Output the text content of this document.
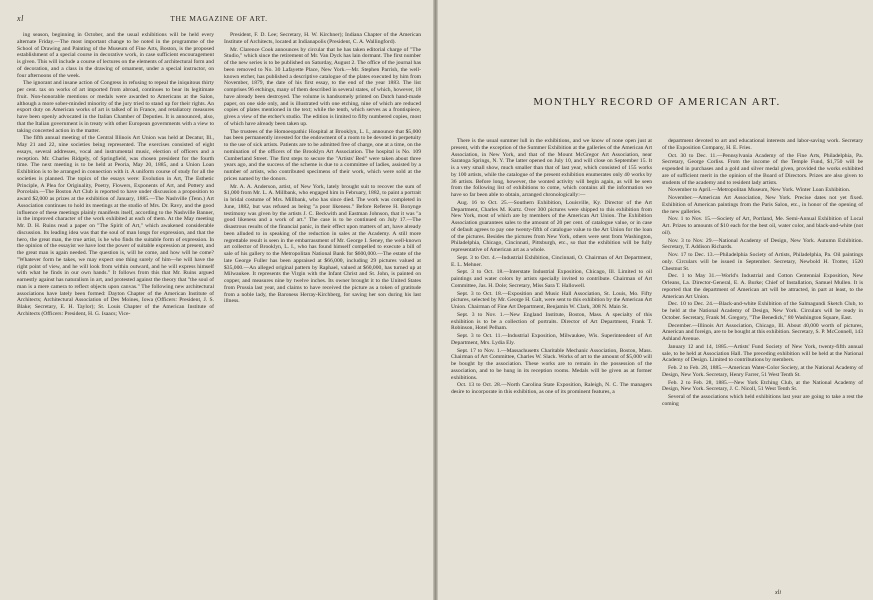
xl	THE MAGAZINE OF ART.

ing season, beginning in October, and the usual exhibitions will be held every alternate Friday.—The most important change to be noted in the programme of the School of Drawing and Painting of the Museum of Fine Arts, Boston, is the proposed establishment of a special course in decorative work, in case sufficient encouragement is given. This will include a course of lectures on the elements of architectural form and of decoration, and a class in the drawing of ornament, under a special instructor, on four afternoons of the week.

The ignorant and insane action of Congress in refusing to repeal the iniquitous thirty per cent. tax on works of art imported from abroad, continues to bear its legitimate fruit. Non-honorable mentions or medals were awarded to Americans at the Salon, although a more sober-minded minority of the jury tried to stand up for their rights. An export duty on American works of art is talked of in France, and retaliatory measures have been openly advocated in the Italian Chamber of Deputies. It is announced, also, that the Italian government is in treaty with other European governments with a view to taking concerted action in the matter.

The fifth annual meeting of the Central Illinois Art Union was held at Decatur, Ill., May 21 and 22, nine societies being represented. The exercises consisted of eight essays, several addresses, vocal and instrumental music, election of officers and a reception. Mr. Charles Ridgely, of Springfield, was chosen president for the fourth time. The next meeting is to be held at Peoria, May 20, 1885, and a Union Loan Exhibition is to be arranged in connection with it. A uniform course of study for all the societies is planned. The topics of the essays were: Evolution in Art, The Esthetic Principle, A Plea for Originality, Poetry, Flowers, Exponents of Art, and Pottery and Porcelain.—The Boston Art Club is reported to have under discussion a proposition to award $2,000 as prizes at the exhibition of January, 1885.—The Nashville (Tenn.) Art Association continues to hold its meetings at the studio of Mrs. Dr. Ravy, and the good influence of these meetings plainly manifests itself, according to the Nashville Banner, in the improved character of the work exhibited at each of them. At the May meeting Mr. D. H. Ruins read a paper on "The Spirit of Art," which awakened considerable discussion. Its leading idea was that the soul of man longs for expression, and that the hero, the great man, the true artist, is he who finds the suitable form of expression. In the opinion of the essayist we have lost the power of suitable expression at present, and the great man is again needed. The question is, will he come, and how will he come? "Whatever form he takes, we may expect one thing surely of him—he will have the right point of view, and he will look from within outward, and he will express himself with what he finds in our own hands." It follows from this that Mr. Ruins argued earnestly against has naturalism in art, and protested against the theory that "the soul of man is a mere camera to reflect objects upon canvas." The following new architectural associations have lately been formed: Dayton Chapter of the American Institute of Architects; Architectural Association of Des Moines, Iowa (Officers: President, J. S. Blake; Secretary, E. H. Taylor); St. Louis Chapter of the American Institute of Architects (Officers: President, H. G. Isaacs; Vice-

President, F. D. Lee; Secretary, H. W. Kirchner); Indiana Chapter of the American Institute of Architects, located at Indianapolis (President, C. A. Wallingford).

Mr. Clarence Cook announces by circular that he has taken editorial charge of "The Studio," which since the retirement of Mr. Van Dyck has lain dormant. The first number of the new series is to be published on Saturday, August 2. The office of the journal has been removed to No. 30 Lafayette Place, New York.—Mr. Stephen Parrish, the well-known etcher, has published a descriptive catalogue of the plates executed by him from November, 1879, the date of his first essay, to the end of the year 1883. The list comprises 96 etchings, many of them described in several states, of which, however, 18 have already been destroyed. The volume is handsomely printed on Dutch hand-made paper, on one side only, and is illustrated with one etching, nine of which are reduced copies of plates mentioned in the text; while the tenth, which serves as a frontispiece, gives a view of the etcher's studio. The edition is limited to fifty numbered copies, most of which have already been taken up.

The trustees of the Homoeopathic Hospital at Brooklyn, L. I., announce that $5,000 has been permanently invested for the endowment of a room to be devoted in perpetuity to the use of sick artists. Patients are to be admitted free of charge, one at a time, on the nomination of the officers of the Brooklyn Art Association. The hospital is No. 109 Cumberland Street. The first steps to secure the "Artists' Bed" were taken about three years ago, and the success of the scheme is due to a committee of ladies, assisted by a number of artists, who contributed specimens of their work, which were sold at the prices named by the donors.

Mr. A. A. Anderson, artist, of New York, lately brought suit to recover the sum of $1,000 from Mr. L. A. Millbank, who engaged him in February, 1882, to paint a portrait in bridal costume of Mrs. Millbank, who has since died. The work was completed in June, 1882, but was refused as being "a poor likeness." Before Referee H. Bonynge testimony was given by the artists J. C. Beckwith and Eastman Johnson, that it was "a good likeness and a work of art." The case is to be continued on July 17.—The disastrous results of the financial panic, in their effect upon matters of art, have already been alluded to in speaking of the reduction in sales at the Academy. A still more regrettable result is seen in the embarrassment of Mr. George I. Seney, the well-known art collector of Brooklyn, L. I., who has found himself compelled to execute a bill of sale of his gallery to the Metropolitan National Bank for $600,000.—The estate of the late George Fuller has been appraised at $66,000, including 29 pictures valued at $35,000.—An alleged original pattern by Raphael, valued at $60,000, has turned up at Milwaukee. It represents the Virgin with the Infant Christ and St. John, is painted on copper, and measures nine by twelve inches. Its owner brought it to the United States from Prussia last year, and claims to have received the picture as a token of gratitude from a noble lady, the Baroness Herray-Kirchberg, for saving her son during his last illness.

MONTHLY RECORD OF AMERICAN ART.

There is the usual summer lull in the exhibitions, and we know of none open just at present, with the exception of the Summer Exhibition at the galleries of the American Art Association, in New York, and that of the Mount McGregor Art Association, near Saratoga Springs, N. Y. The latter opened on July 10, and will close on September 15. It is a very small show, much smaller than that of last year, which consisted of 155 works by 100 artists, while the catalogue of the present exhibition enumerates only 40 works by 36 artists. Before long, however, the wonted activity will begin again, as will be seen from the following list of exhibitions to come, which contains all the information we have so far been able to obtain, arranged chronologically:—

Aug. 16 to Oct. 25.—Southern Exhibition, Louisville, Ky. Director of the Art Department, Charles M. Kurtz. Over 300 pictures were shipped to this exhibition from New York, most of which are by members of the American Art Union. The Exhibition Association guarantees sales to the amount of 20 per cent. of catalogue value, or in case of default agrees to pay one twenty-fifth of catalogue value to the Art Union for the loan of the pictures. Besides the pictures from New York, others were sent from Washington, Philadelphia, Chicago, Cincinnati, Pittsburgh, etc., so that the exhibition will be fully representative of American art as a whole.

Sept. 3 to Oct. 4.—Industrial Exhibition, Cincinnati, O. Chairman of Art Department, E. L. Mehner.

Sept. 3 to Oct. 18.—Interstate Industrial Exposition, Chicago, Ill. Limited to oil paintings and water colors by artists specially invited to contribute. Chairman of Art Committee, Jas. H. Dole; Secretary, Miss Sara T. Hallowell.

Sept. 3 to Oct. 18.—Exposition and Music Hall Association, St. Louis, Mo. Fifty pictures, selected by Mr. George H. Galt, were sent to this exhibition by the American Art Union. Chairman of Fine Art Department, Benjamin W. Clark, 308 N. Main St.

Sept. 3 to Nov. 1.—New England Institute, Boston, Mass. A specialty of this exhibition is to be a collection of portraits. Director of Art Department, Frank T. Robinson, Hotel Pelham.

Sept. 3 to Oct. 11.—Industrial Exposition, Milwaukee, Wis. Superintendent of Art Department, Mrs. Lydia Ely.

Sept. 17 to Nov. 1.—Massachusetts Charitable Mechanic Association, Boston, Mass. Chairman of Art Committee, Charles W. Slack. Works of art to the amount of $5,000 will be bought by the association. These works are to remain in the possession of the association, and to be hung in its reception rooms. Medals will be given as at former exhibitions.

Oct. 13 to Oct. 28.—North Carolina State Exposition, Raleigh, N. C. The managers desire to incorporate in this exhibition, as one of its prominent features, a

department devoted to art and educational interests and labor-saving work. Secretary of the Exposition Company, H. E. Fries.

Oct. 30 to Dec. 11.—Pennsylvania Academy of the Fine Arts, Philadelphia, Pa. Secretary, George Corliss. From the income of the Temple Fund, $1,750 will be expended in purchases and a gold and silver medal given, provided the works exhibited are of sufficient merit in the opinion of the Board of Directors. Prizes are also given to students of the academy and to resident lady artists.

November to April.—Metropolitan Museum, New York. Winter Loan Exhibition.

November.—American Art Association, New York. Precise dates not yet fixed. Exhibition of American paintings from the Paris Salon, etc., in honor of the opening of the new galleries.

Nov. 1 to Nov. 15.—Society of Art, Portland, Me. Semi-Annual Exhibition of Local Art. Prizes to amounts of $10 each for the best oil, water color, and black-and-white (not oil).

Nov. 3 to Nov. 29.—National Academy of Design, New York. Autumn Exhibition. Secretary, T. Addison Richards.

Nov. 17 to Dec. 13.—Philadelphia Society of Artists, Philadelphia, Pa. Oil paintings only. Circulars will be issued in September. Secretary, Newbold H. Trotter, 1520 Chestnut St.

Dec. 1 to May 31.—World's Industrial and Cotton Centennial Exposition, New Orleans, La. Director-General, E. A. Burke; Chief of Installation, Samuel Mullen. It is reported that the department of American art will be attracted, in part at least, to the American Art Union.

Dec. 10 to Dec. 24.—Black-and-white Exhibition of the Salmagundi Sketch Club, to be held at the National Academy of Design, New York. Circulars will be ready in October. Secretary, Frank M. Gregory, "The Benedick," 80 Washington Square, East.

December.—Illinois Art Association, Chicago, Ill. About 40,000 worth of pictures, American and foreign, are to be bought at this exhibition. Secretary, S. P. McConnell, 143 Ashland Avenue.

January 12 and 14, 1885.—Artists' Fund Society of New York, twenty-fifth annual sale, to be held at Association Hall. The preceding exhibition will be held at the National Academy of Design. Limited to contributions by members.

Feb. 2 to Feb. 28, 1885.—American Water-Color Society, at the National Academy of Design, New York. Secretary, Henry Farrer, 51 West Tenth St.

Feb. 2 to Feb. 28, 1885.—New York Etching Club, at the National Academy of Design, New York. Secretary, J. C. Nicoll, 51 West Tenth St.

Several of the associations which held exhibitions last year are going to take a rest the coming

xli
